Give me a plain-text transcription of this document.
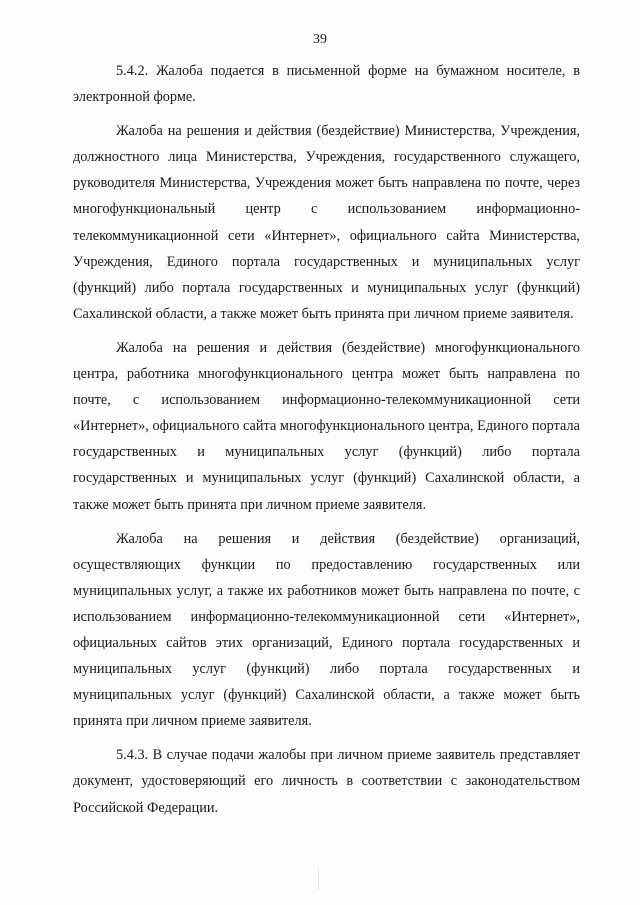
39

5.4.2. Жалоба подается в письменной форме на бумажном носителе, в электронной форме.

Жалоба на решения и действия (бездействие) Министерства, Учреждения, должностного лица Министерства, Учреждения, государственного служащего, руководителя Министерства, Учреждения может быть направлена по почте, через многофункциональный центр с использованием информационно-телекоммуникационной сети «Интернет», официального сайта Министерства, Учреждения, Единого портала государственных и муниципальных услуг (функций) либо портала государственных и муниципальных услуг (функций) Сахалинской области, а также может быть принята при личном приеме заявителя.

Жалоба на решения и действия (бездействие) многофункционального центра, работника многофункционального центра может быть направлена по почте, с использованием информационно-телекоммуникационной сети «Интернет», официального сайта многофункционального центра, Единого портала государственных и муниципальных услуг (функций) либо портала государственных и муниципальных услуг (функций) Сахалинской области, а также может быть принята при личном приеме заявителя.

Жалоба на решения и действия (бездействие) организаций, осуществляющих функции по предоставлению государственных или муниципальных услуг, а также их работников может быть направлена по почте, с использованием информационно-телекоммуникационной сети «Интернет», официальных сайтов этих организаций, Единого портала государственных и муниципальных услуг (функций) либо портала государственных и муниципальных услуг (функций) Сахалинской области, а также может быть принята при личном приеме заявителя.

5.4.3. В случае подачи жалобы при личном приеме заявитель представляет документ, удостоверяющий его личность в соответствии с законодательством Российской Федерации.
